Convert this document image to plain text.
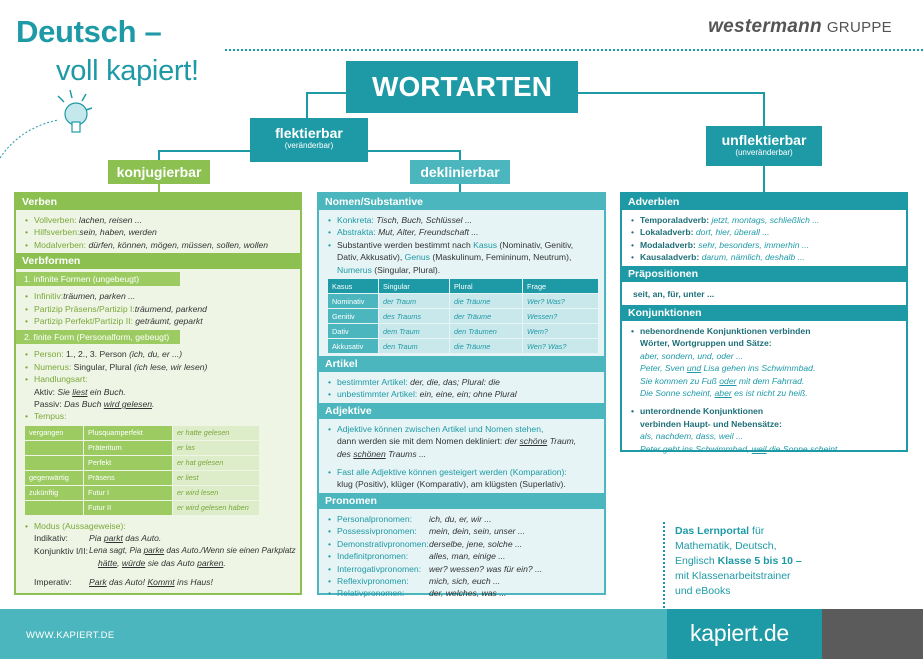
Deutsch –
voll kapiert!
westermann GRUPPE
WORTARTEN
flektierbar
(veränderbar)	unflektierbar
(unveränderbar)
konjugierbar	deklinierbar
Verben
• Vollverben: lachen, reisen ...
• Hilfsverben:sein, haben, werden
• Modalverben: dürfen, können, mögen, müssen, sollen, wollen
Verbformen
1. infinite Formen (ungebeugt)
• Infinitiv:träumen, parken ...
• Partizip Präsens/Partizip I:träumend, parkend
• Partizip Perfekt/Partizip II: geträumt, geparkt
2. finite Form (Personalform, gebeugt)
• Person: 1., 2., 3. Person (ich, du, er ...)
• Numerus: Singular, Plural (ich lese, wir lesen)
• Handlungsart:
Aktiv: Sie liest ein Buch.
Passiv: Das Buch wird gelesen.
• Tempus:
vergangen	Plusquamperfekt	er hatte gelesen
	Präteritum	er las
	Perfekt	er hat gelesen
gegenwärtig	Präsens	er liest
zukünftig	Futur I	er wird lesen
	Futur II	er wird gelesen haben
• Modus (Aussageweise):
Indikativ: Pia parkt das Auto.
Konjunktiv I/II: Lena sagt, Pia parke das Auto./Wenn sie einen Parkplatz
hätte, würde sie das Auto parken.
Imperativ: Park das Auto! Kommt ins Haus!
Nomen/Substantive
• Konkreta: Tisch, Buch, Schlüssel ...
• Abstrakta: Mut, Alter, Freundschaft ...
• Substantive werden bestimmt nach Kasus (Nominativ, Genitiv,
Dativ, Akkusativ), Genus (Maskulinum, Femininum, Neutrum),
Numerus (Singular, Plural).
Kasus	Singular	Plural	Frage
Nominativ	der Traum	die Träume	Wer? Was?
Genitiv	des Traums	der Träume	Wessen?
Dativ	dem Traum	den Träumen	Wem?
Akkusativ	den Traum	die Träume	Wen? Was?
Artikel
• bestimmter Artikel: der, die, das; Plural: die
• unbestimmter Artikel: ein, eine, ein; ohne Plural
Adjektive
• Adjektive können zwischen Artikel und Nomen stehen,
dann werden sie mit dem Nomen dekliniert: der schöne Traum,
des schönen Traums ...
• Fast alle Adjektive können gesteigert werden (Komparation):
klug (Positiv), klüger (Komparativ), am klügsten (Superlativ).
Pronomen
• Personalpronomen: ich, du, er, wir ...
• Possessivpronomen: mein, dein, sein, unser ...
• Demonstrativpronomen: derselbe, jene, solche ...
• Indefinitpronomen: alles, man, einige ...
• Interrogativpronomen: wer? wessen? was für ein? ...
• Reflexivpronomen: mich, sich, euch ...
• Relativpronomen:	der, welches, was ...
Adverbien
• Temporaladverb: jetzt, montags, schließlich ...
• Lokaladverb: dort, hier, überall ...
• Modaladverb: sehr, besonders, immerhin ...
• Kausaladverb: darum, nämlich, deshalb ...
Präpositionen
seit, an, für, unter ...
Konjunktionen
• nebenordnende Konjunktionen verbinden
Wörter, Wortgruppen und Sätze:
aber, sondern, und, oder ...
Peter, Sven und Lisa gehen ins Schwimmbad.
Sie kommen zu Fuß oder mit dem Fahrrad.
Die Sonne scheint, aber es ist nicht zu heiß.
• unterordnende Konjunktionen
verbinden Haupt- und Nebensätze:
als, nachdem, dass, weil ...
Peter geht ins Schwimmbad, weil die Sonne scheint.
Das Lernportal für
Mathematik, Deutsch,
Englisch Klasse 5 bis 10 –
mit Klassenarbeitstrainer
und eBooks
WWW.KAPIERT.DE	kapiert.de
